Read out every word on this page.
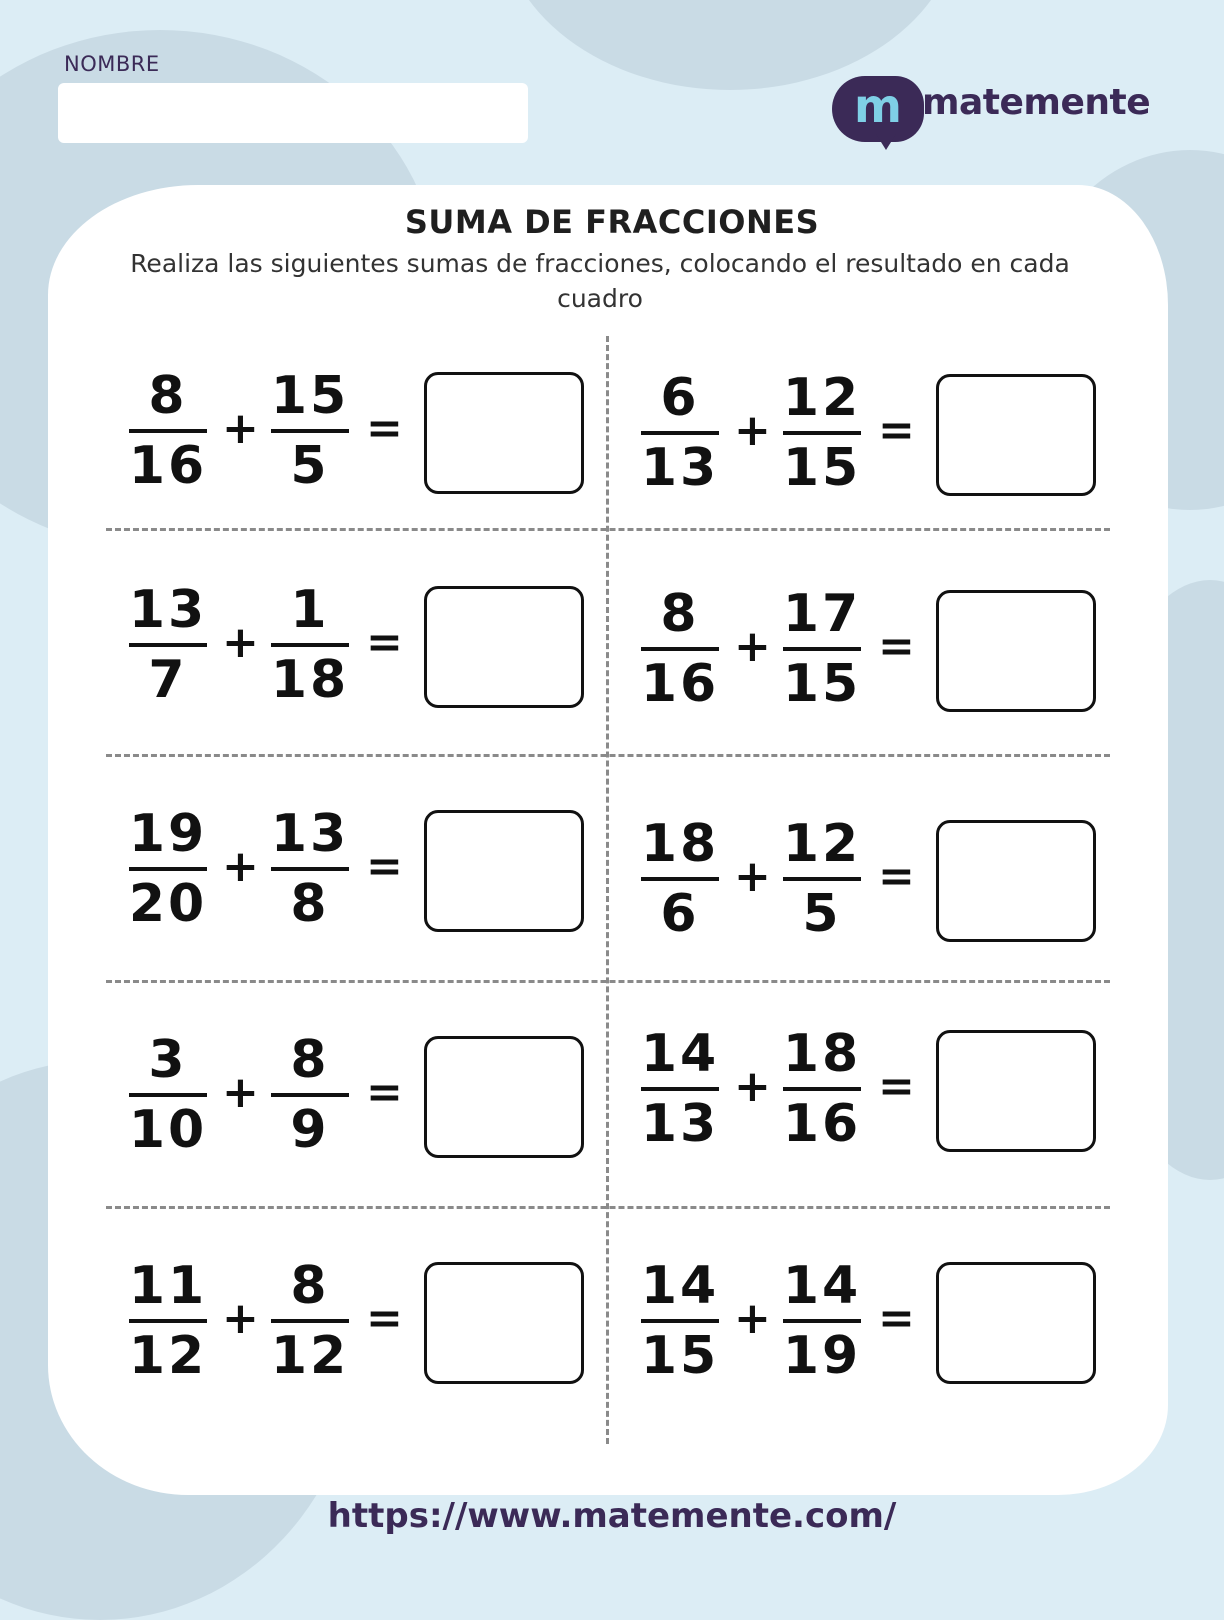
NOMBRE
m matemente
SUMA DE FRACCIONES
Realiza las siguientes sumas de fracciones, colocando el resultado en cada cuadro
8
16
+
15
5
=
6
13
+
12
15
=
13
7
+
1
18
=	8
16
+
17
15
=
19
20
+
13
8
=	18
6
+
12
5
=
3
10
+
8
9
=
14
13
+
18
16
=
11
12
+
8
12
=
14
15
+
14
19
=
https://www.matemente.com/
